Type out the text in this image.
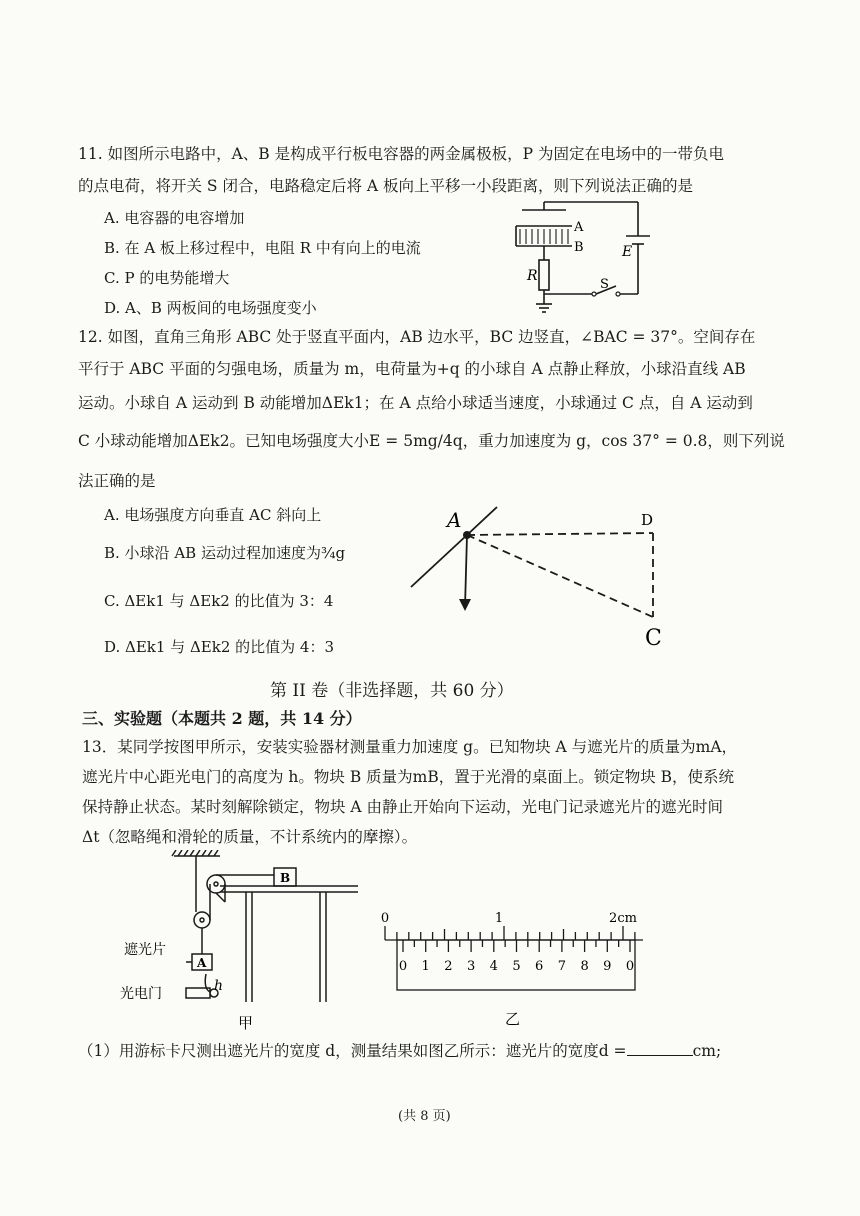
11. 如图所示电路中，A、B 是构成平行板电容器的两金属极板，P 为固定在电场中的一带负电
的点电荷，将开关 S 闭合，电路稳定后将 A 板向上平移一小段距离，则下列说法正确的是
A. 电容器的电容增加
B. 在 A 板上移过程中，电阻 R 中有向上的电流
C. P 的电势能增大
D. A、B 两板间的电场强度变小
A
B	E
R
S
12. 如图，直角三角形 ABC 处于竖直平面内，AB 边水平，BC 边竖直，∠BAC = 37°。空间存在
平行于 ABC 平面的匀强电场，质量为 m，电荷量为+q 的小球自 A 点静止释放，小球沿直线 AB
运动。小球自 A 运动到 B 动能增加ΔEk1；在 A 点给小球适当速度，小球通过 C 点，自 A 运动到
C 小球动能增加ΔEk2。已知电场强度大小E = 5mg/4q，重力加速度为 g，cos 37° = 0.8，则下列说
法正确的是
A. 电场强度方向垂直 AC 斜向上
B. 小球沿 AB 运动过程加速度为¾g
C. ΔEk1 与 ΔEk2 的比值为 3：4
D. ΔEk1 与 ΔEk2 的比值为 4：3
A	D
C
第 II 卷（非选择题，共 60 分）
三、实验题（本题共 2 题，共 14 分）
13．某同学按图甲所示，安装实验器材测量重力加速度 g。已知物块 A 与遮光片的质量为mA，
遮光片中心距光电门的高度为 h。物块 B 质量为mB，置于光滑的桌面上。锁定物块 B，使系统
保持静止状态。某时刻解除锁定，物块 A 由静止开始向下运动，光电门记录遮光片的遮光时间
Δt（忽略绳和滑轮的质量，不计系统内的摩擦）。
B
A
h
遮光片
光电门
甲
0	1	2cm
0 1 2 3 4 5 6 7 8 9 0
乙
（1）用游标卡尺测出遮光片的宽度 d，测量结果如图乙所示：遮光片的宽度d =	cm;
(共 8 页)
